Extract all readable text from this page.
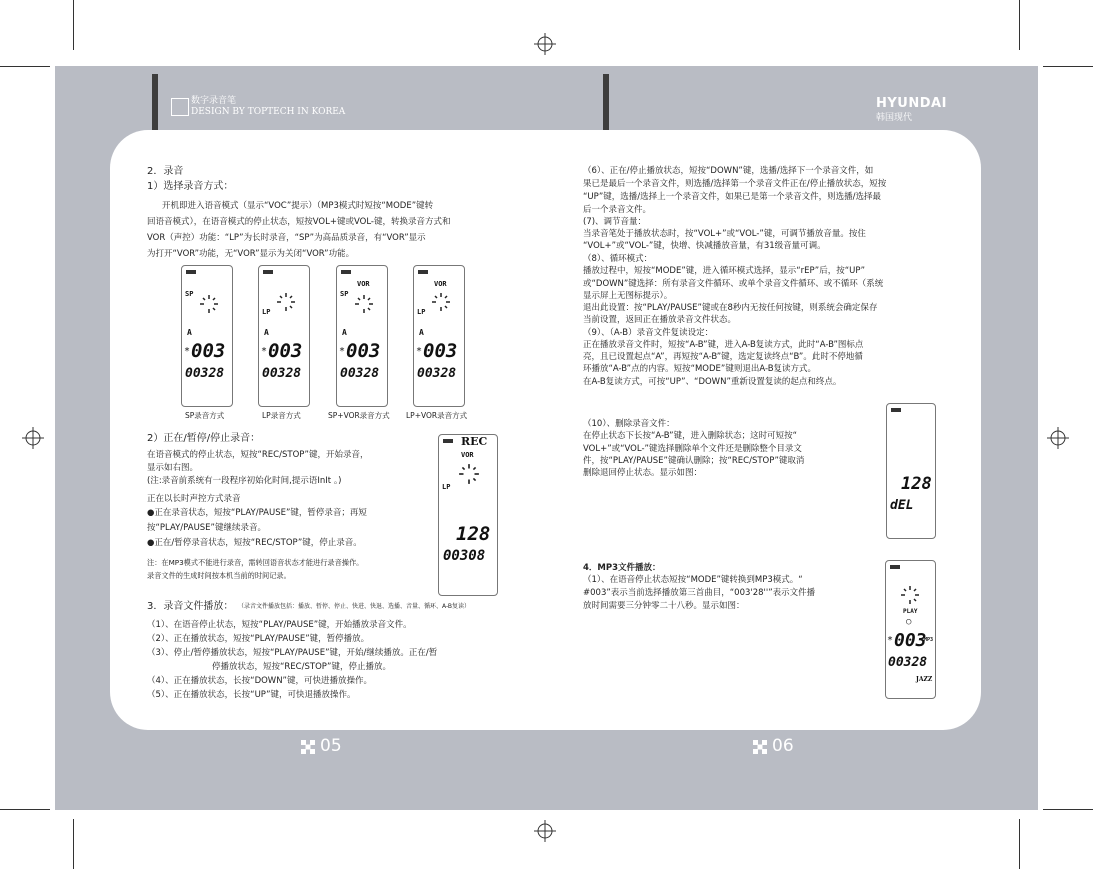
数字录音笔
DESIGN BY TOPTECH IN KOREA
HYUNDAI
韩国现代
2．录音
1）选择录音方式：
开机即进入语音模式（显示“VOC”提示）（MP3模式时短按“MODE”键转
回语音模式），在语音模式的停止状态，短按VOL+键或VOL-键，转换录音方式和
VOR（声控）功能：“LP”为长时录音，“SP”为高品质录音，有“VOR”显示
为打开“VOR”功能，无“VOR”显示为关闭“VOR”功能。
SP
A
* 003
00328
LP
A
* 003
00328
SP
VOR
A
* 003
00328
LP
VOR
A
* 003
00328
SP录音方式	LP录音方式	SP+VOR录音方式 LP+VOR录音方式
2）正在/暂停/停止录音：
在语音模式的停止状态，短按“REC/STOP”键，开始录音，
显示如右图。
(注:录音前系统有一段程序初始化时间,提示语InIt 。)
正在以长时声控方式录音
●正在录音状态，短按“PLAY/PAUSE”键，暂停录音；再短
按“PLAY/PAUSE”键继续录音。
●正在/暂停录音状态，短按“REC/STOP”键，停止录音。
注：在MP3模式不能进行录音，需转回语音状态才能进行录音操作。
录音文件的生成时间按本机当前的时间记录。
REC
VOR
LP
128
00308
3．录音文件播放： （录音文件播放包括：播放、暂停、停止、快进、快退、选播、音量、循环、A-B复读）
（1）、在语音停止状态，短按“PLAY/PAUSE”键，开始播放录音文件。
（2）、正在播放状态，短按“PLAY/PAUSE”键，暂停播放。
（3）、停止/暂停播放状态，短按“PLAY/PAUSE”键，开始/继续播放。正在/暂
停播放状态，短按“REC/STOP”键，停止播放。
（4）、正在播放状态，长按“DOWN”键，可快进播放操作。
（5）、正在播放状态，长按“UP”键，可快退播放操作。
05
（6）、正在/停止播放状态，短按“DOWN”键，选播/选择下一个录音文件，如
果已是最后一个录音文件，则选播/选择第一个录音文件正在/停止播放状态，短按
“UP”键，选播/选择上一个录音文件，如果已是第一个录音文件，则选播/选择最
后一个录音文件。
(7)、调节音量：
当录音笔处于播放状态时，按“VOL+”或“VOL-”键，可调节播放音量。按住
“VOL+”或“VOL-”键，快增、快减播放音量，有31级音量可调。
（8）、循环模式：
播放过程中，短按“MODE”键，进入循环模式选择，显示“rEP”后，按“UP”
或“DOWN”键选择：所有录音文件循环、或单个录音文件循环、或不循环（系统
显示屏上无图标提示）。
退出此设置：按“PLAY/PAUSE”键或在8秒内无按任何按键，则系统会确定保存
当前设置，返回正在播放录音文件状态。
（9）、（A-B）录音文件复读设定：
正在播放录音文件时，短按“A-B”键，进入A-B复读方式，此时“A-B”图标点
亮，且已设置起点“A”，再短按“A-B”键，选定复读终点“B”。此时不停地循
环播放“A-B”点的内容。短按“MODE”键则退出A-B复读方式。
在A-B复读方式，可按“UP”、“DOWN”重新设置复读的起点和终点。
（10）、删除录音文件：
在停止状态下长按“A-B”键，进入删除状态；这时可短按“
VOL+”或“VOL-”键选择删除单个文件还是删除整个目录文
件，按“PLAY/PAUSE”键确认删除；按“REC/STOP”键取消
删除退回停止状态。显示如图：
128
dEL
4．MP3文件播放：
（1）、在语音停止状态短按“MODE”键转换到MP3模式。“
#003”表示当前选择播放第三首曲目，“003'28''”表示文件播
放时间需要三分钟零二十八秒。显示如图：
PLAY
○
* 003
MP3
00328
JAZZ
06
